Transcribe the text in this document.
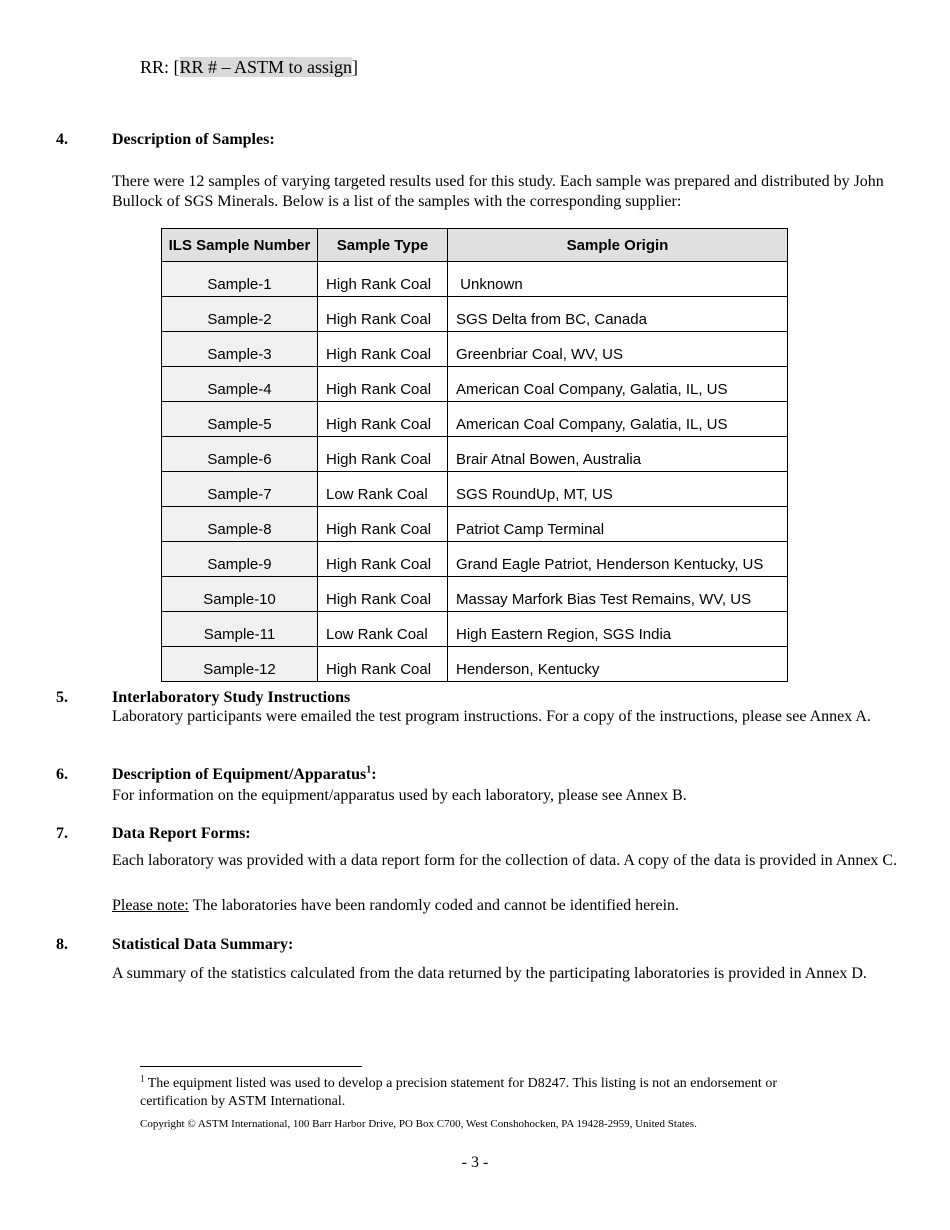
RR: [RR # – ASTM to assign]
4.	Description of Samples:
There were 12 samples of varying targeted results used for this study. Each sample was prepared and distributed by John Bullock of SGS Minerals. Below is a list of the samples with the corresponding supplier:
ILS Sample Number	Sample Type	Sample Origin
Sample-1	High Rank Coal	Unknown
Sample-2	High Rank Coal	SGS Delta from BC, Canada
Sample-3	High Rank Coal	Greenbriar Coal, WV, US
Sample-4	High Rank Coal	American Coal Company, Galatia, IL, US
Sample-5	High Rank Coal	American Coal Company, Galatia, IL, US
Sample-6	High Rank Coal	Brair Atnal Bowen, Australia
Sample-7	Low Rank Coal	SGS RoundUp, MT, US
Sample-8	High Rank Coal	Patriot Camp Terminal
Sample-9	High Rank Coal	Grand Eagle Patriot, Henderson Kentucky, US
Sample-10	High Rank Coal	Massay Marfork Bias Test Remains, WV, US
Sample-11	Low Rank Coal	High Eastern Region, SGS India
Sample-12	High Rank Coal	Henderson, Kentucky
5.	Interlaboratory Study Instructions
Laboratory participants were emailed the test program instructions. For a copy of the instructions, please see Annex A.
6.	Description of Equipment/Apparatus$^1$:
For information on the equipment/apparatus used by each laboratory, please see Annex B.
7.	Data Report Forms:
Each laboratory was provided with a data report form for the collection of data. A copy of the data is provided in Annex C.
Please note: The laboratories have been randomly coded and cannot be identified herein.
8.	Statistical Data Summary:
A summary of the statistics calculated from the data returned by the participating laboratories is provided in Annex D.
$^1$ The equipment listed was used to develop a precision statement for D8247. This listing is not an endorsement or certification by ASTM International.
Copyright © ASTM International, 100 Barr Harbor Drive, PO Box C700, West Conshohocken, PA 19428-2959, United States.
- 3 -
